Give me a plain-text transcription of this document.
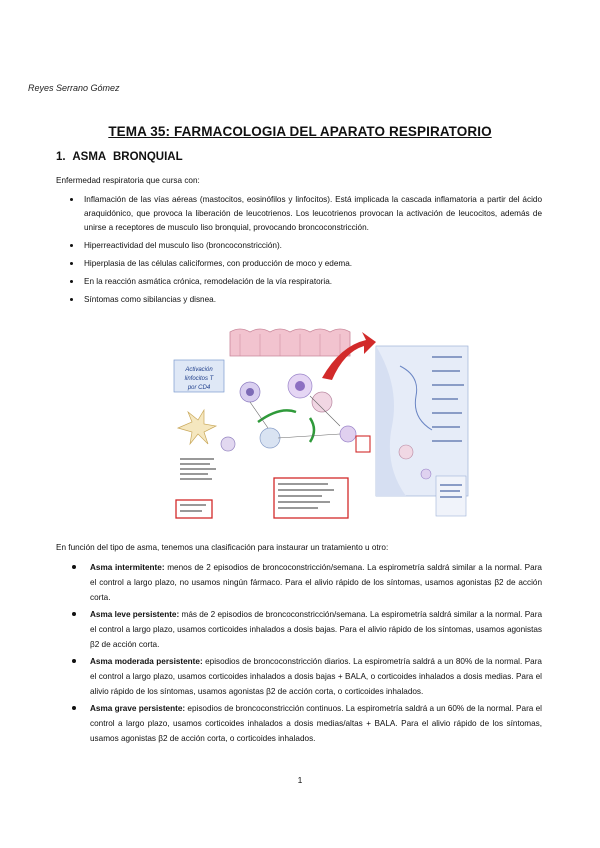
Reyes Serrano Gómez
TEMA 35: FARMACOLOGIA DEL APARATO RESPIRATORIO
1. ASMA BRONQUIAL
Enfermedad respiratoria que cursa con:
Inflamación de las vías aéreas (mastocitos, eosinófilos y linfocitos). Está implicada la cascada inflamatoria a partir del ácido araquidónico, que provoca la liberación de leucotrienos. Los leucotrienos provocan la activación de leucocitos, además de unirse a receptores de musculo liso bronquial, provocando broncoconstricción.
Hiperreactividad del musculo liso (broncoconstricción).
Hiperplasia de las células caliciformes, con producción de moco y edema.
En la reacción asmática crónica, remodelación de la vía respiratoria.
Síntomas como sibilancias y disnea.
Activación
linfocitos T
por CD4
En función del tipo de asma, tenemos una clasificación para instaurar un tratamiento u otro:
Asma intermitente: menos de 2 episodios de broncoconstricción/semana. La espirometría saldrá similar a la normal. Para el control a largo plazo, no usamos ningún fármaco. Para el alivio rápido de los síntomas, usamos agonistas β2 de acción corta.
Asma leve persistente: más de 2 episodios de broncoconstricción/semana. La espirometría saldrá similar a la normal. Para el control a largo plazo, usamos corticoides inhalados a dosis bajas. Para el alivio rápido de los síntomas, usamos agonistas β2 de acción corta.
Asma moderada persistente: episodios de broncoconstricción diarios. La espirometría saldrá a un 80% de la normal. Para el control a largo plazo, usamos corticoides inhalados a dosis bajas + BALA, o corticoides inhalados a dosis medias. Para el alivio rápido de los síntomas, usamos agonistas β2 de acción corta, o corticoides inhalados.
Asma grave persistente: episodios de broncoconstricción continuos. La espirometría saldrá a un 60% de la normal. Para el control a largo plazo, usamos corticoides inhalados a dosis medias/altas + BALA. Para el alivio rápido de los síntomas, usamos agonistas β2 de acción corta, o corticoides inhalados.
1
